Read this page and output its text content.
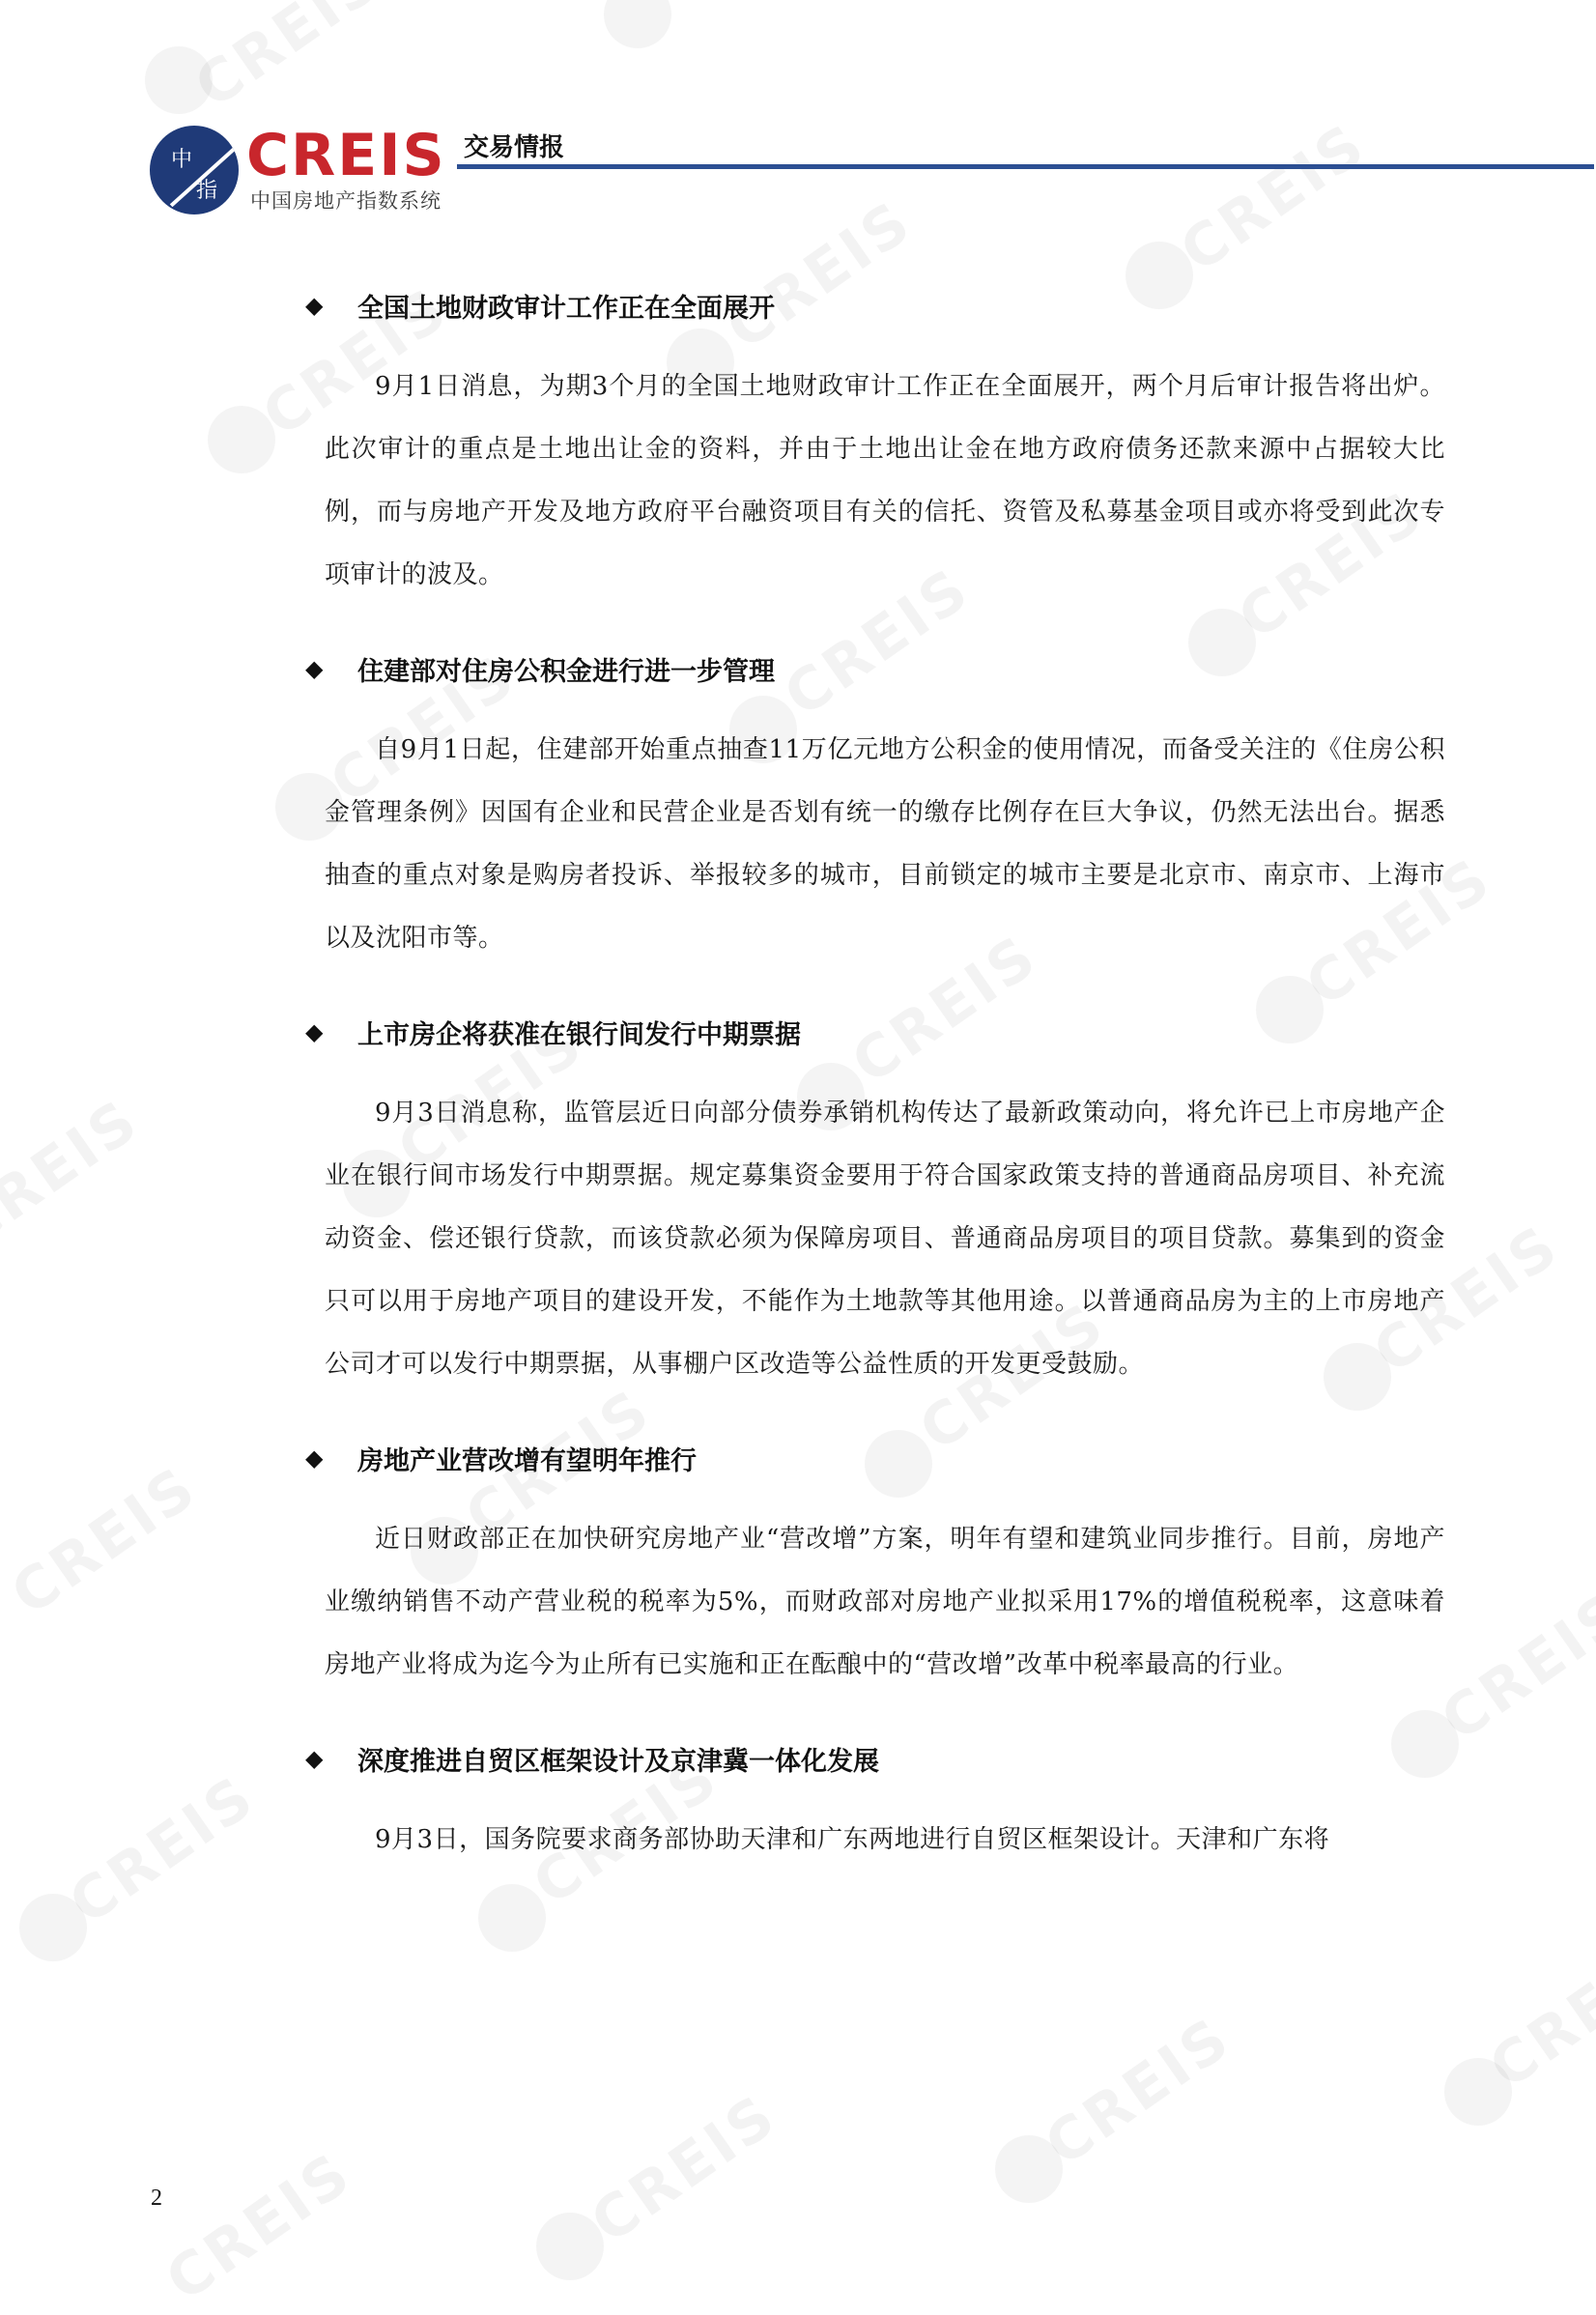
中
指
CREIS
中国房地产指数系统
交易情报
◆	全国土地财政审计工作正在全面展开

9月1日消息，为期3个月的全国土地财政审计工作正在全面展开，两个月后审计报告将出炉。此次审计的重点是土地出让金的资料，并由于土地出让金在地方政府债务还款来源中占据较大比例，而与房地产开发及地方政府平台融资项目有关的信托、资管及私募基金项目或亦将受到此次专项审计的波及。

◆	住建部对住房公积金进行进一步管理

自9月1日起，住建部开始重点抽查11万亿元地方公积金的使用情况，而备受关注的《住房公积金管理条例》因国有企业和民营企业是否划有统一的缴存比例存在巨大争议，仍然无法出台。据悉抽查的重点对象是购房者投诉、举报较多的城市，目前锁定的城市主要是北京市、南京市、上海市以及沈阳市等。

◆	上市房企将获准在银行间发行中期票据

9月3日消息称，监管层近日向部分债券承销机构传达了最新政策动向，将允许已上市房地产企业在银行间市场发行中期票据。规定募集资金要用于符合国家政策支持的普通商品房项目、补充流动资金、偿还银行贷款，而该贷款必须为保障房项目、普通商品房项目的项目贷款。募集到的资金只可以用于房地产项目的建设开发，不能作为土地款等其他用途。以普通商品房为主的上市房地产公司才可以发行中期票据，从事棚户区改造等公益性质的开发更受鼓励。

◆	房地产业营改增有望明年推行

近日财政部正在加快研究房地产业“营改增”方案，明年有望和建筑业同步推行。目前，房地产业缴纳销售不动产营业税的税率为5%，而财政部对房地产业拟采用17%的增值税税率，这意味着房地产业将成为迄今为止所有已实施和正在酝酿中的“营改增”改革中税率最高的行业。

◆	深度推进自贸区框架设计及京津冀一体化发展

9月3日，国务院要求商务部协助天津和广东两地进行自贸区框架设计。天津和广东将

2
